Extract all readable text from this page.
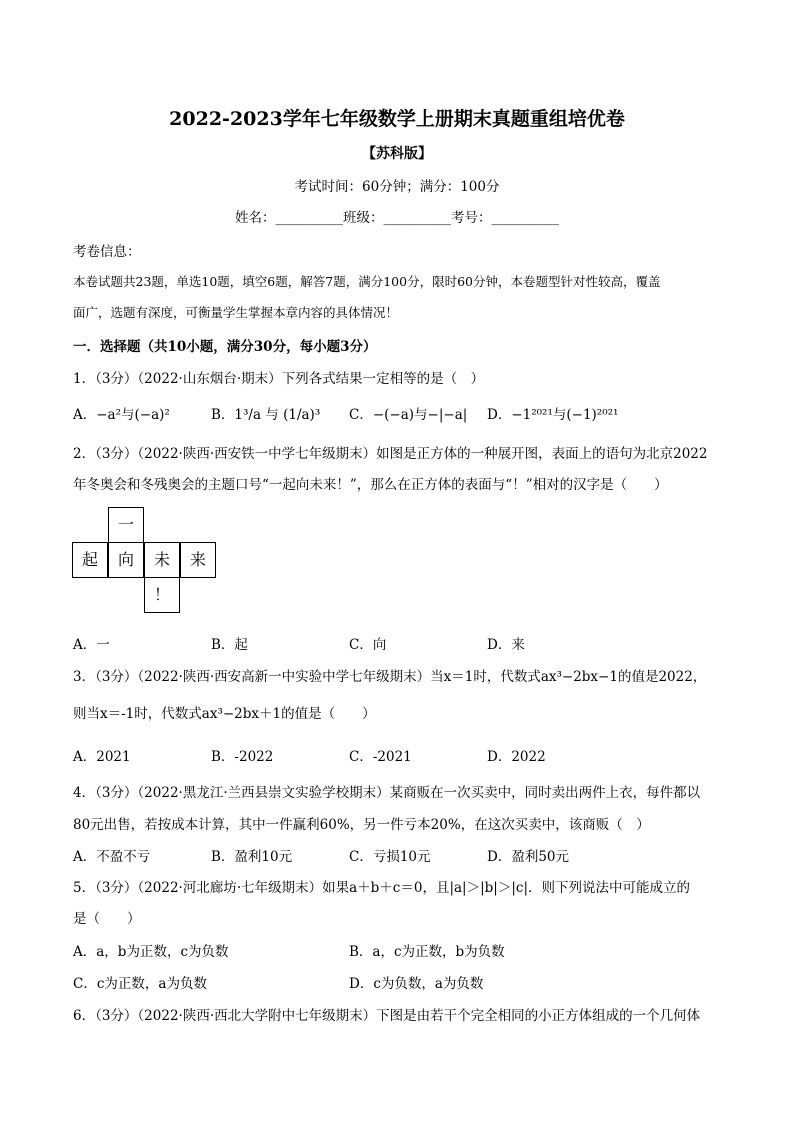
2022-2023学年七年级数学上册期末真题重组培优卷
【苏科版】
考试时间：60分钟；满分：100分
姓名：__________班级：__________考号：__________
考卷信息：
本卷试题共23题，单选10题，填空6题，解答7题，满分100分，限时60分钟，本卷题型针对性较高，覆盖
面广，选题有深度，可衡量学生掌握本章内容的具体情况！
一．选择题（共10小题，满分30分，每小题3分）
1．（3分）（2022·山东烟台·期末）下列各式结果一定相等的是（　）
A．−a²与(−a)²	B．1³/a 与 (1/a)³ C．−(−a)与−|−a| D．−1²⁰²¹与(−1)²⁰²¹
2．（3分）（2022·陕西·西安铁一中学七年级期末）如图是正方体的一种展开图，表面上的语句为北京2022
年冬奥会和冬残奥会的主题口号“一起向未来！”，那么在正方体的表面与“！”相对的汉字是（　　）
一
起	向	未	来
！
A．一	B．起	C．向	D．来
3．（3分）（2022·陕西·西安高新一中实验中学七年级期末）当x＝1时，代数式ax³−2bx−1的值是2022，
则当x＝-1时，代数式ax³−2bx＋1的值是（　　）
A．2021	B．-2022	C．-2021	D．2022
4．（3分）（2022·黑龙江·兰西县崇文实验学校期末）某商贩在一次买卖中，同时卖出两件上衣，每件都以
80元出售，若按成本计算，其中一件赢利60%，另一件亏本20%，在这次买卖中，该商贩（　）
A．不盈不亏	B．盈利10元	C．亏损10元	D．盈利50元
5．（3分）（2022·河北廊坊·七年级期末）如果a＋b＋c＝0，且|a|＞|b|＞|c|．则下列说法中可能成立的
是（　　）
A．a，b为正数，c为负数	B．a，c为正数，b为负数
C．c为正数，a为负数	D．c为负数，a为负数
6．（3分）（2022·陕西·西北大学附中七年级期末）下图是由若干个完全相同的小正方体组成的一个几何体
